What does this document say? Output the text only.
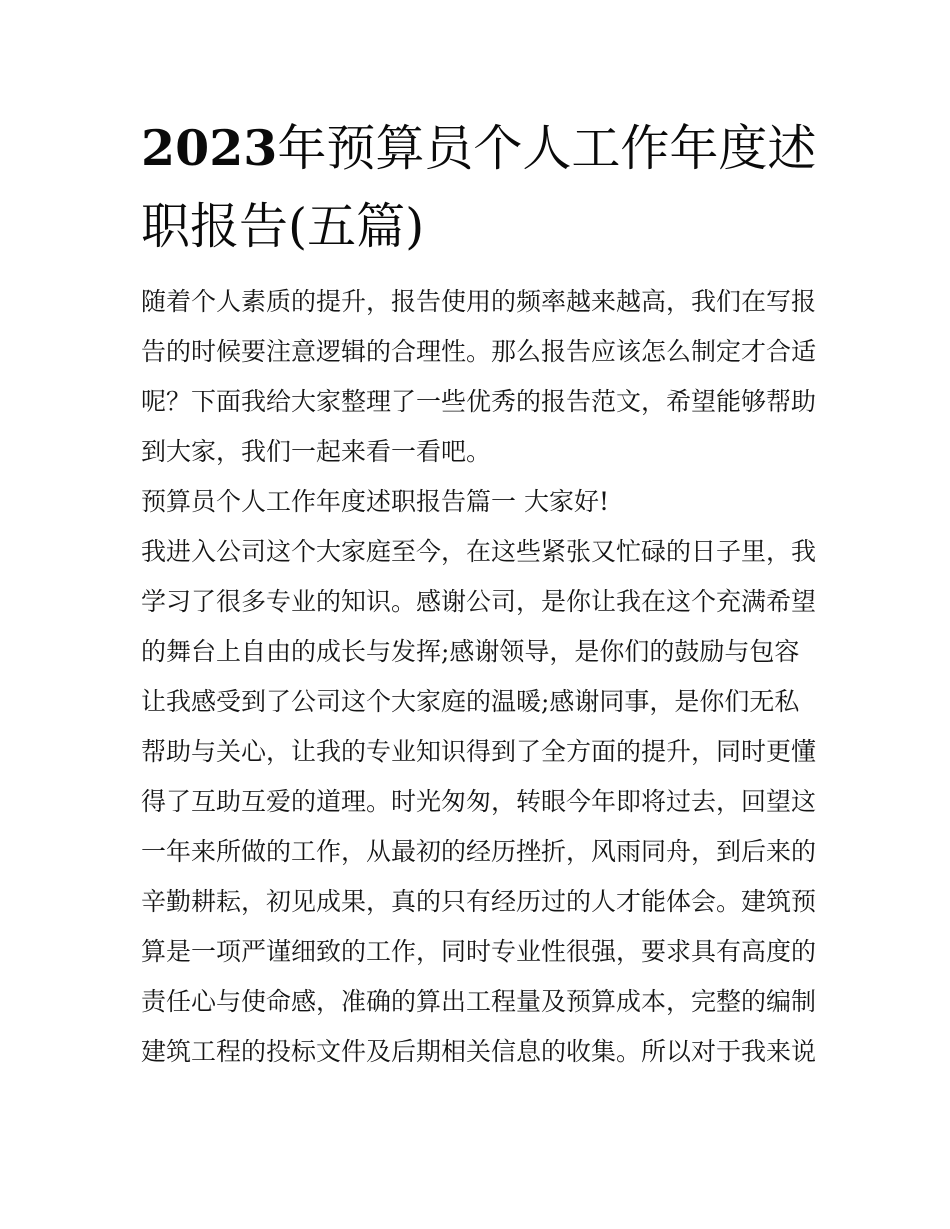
2023年预算员个人工作年度述
职报告(五篇)
随着个人素质的提升，报告使用的频率越来越高，我们在写报
告的时候要注意逻辑的合理性。那么报告应该怎么制定才合适
呢？下面我给大家整理了一些优秀的报告范文，希望能够帮助
到大家，我们一起来看一看吧。
预算员个人工作年度述职报告篇一 大家好!
我进入公司这个大家庭至今，在这些紧张又忙碌的日子里，我
学习了很多专业的知识。感谢公司，是你让我在这个充满希望
的舞台上自由的成长与发挥;感谢领导，是你们的鼓励与包容
让我感受到了公司这个大家庭的温暖;感谢同事，是你们无私
帮助与关心，让我的专业知识得到了全方面的提升，同时更懂
得了互助互爱的道理。时光匆匆，转眼今年即将过去，回望这
一年来所做的工作，从最初的经历挫折，风雨同舟，到后来的
辛勤耕耘，初见成果，真的只有经历过的人才能体会。建筑预
算是一项严谨细致的工作，同时专业性很强，要求具有高度的
责任心与使命感，准确的算出工程量及预算成本，完整的编制
建筑工程的投标文件及后期相关信息的收集。所以对于我来说
